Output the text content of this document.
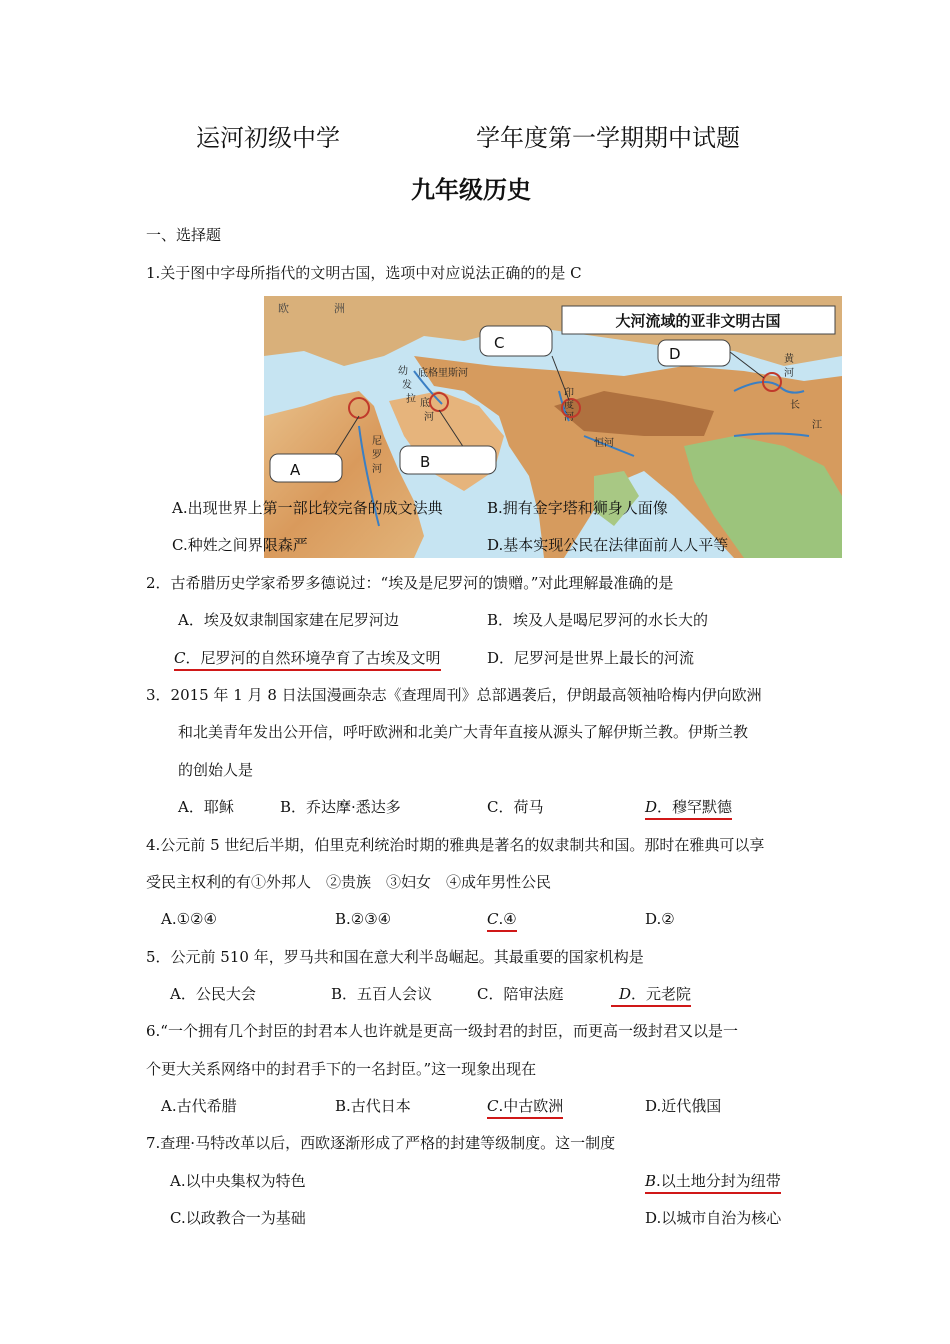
运河初级中学	学年度第一学期期中试题
九年级历史
一、选择题
1.关于图中字母所指代的文明古国，选项中对应说法正确的的是 C
大河流域的亚非文明古国
欧	洲
尼
罗
河
幼
发
拉
底格里斯河
底
河
印
度
河
恒河
黄
河
长
江
A	B
C
D
A.出现世界上第一部比较完备的成文法典	B.拥有金字塔和狮身人面像
C.种姓之间界限森严	D.基本实现公民在法律面前人人平等
2．古希腊历史学家希罗多德说过：“埃及是尼罗河的馈赠。”对此理解最准确的是
A．埃及奴隶制国家建在尼罗河边	B．埃及人是喝尼罗河的水长大的
C．尼罗河的自然环境孕育了古埃及文明	D．尼罗河是世界上最长的河流
3．2015 年 1 月 8 日法国漫画杂志《查理周刊》总部遇袭后，伊朗最高领袖哈梅内伊向欧洲
和北美青年发出公开信，呼吁欧洲和北美广大青年直接从源头了解伊斯兰教。伊斯兰教
的创始人是
A．耶稣	B．乔达摩·悉达多	C．荷马	D．穆罕默德
4.公元前 5 世纪后半期，伯里克利统治时期的雅典是著名的奴隶制共和国。那时在雅典可以享
受民主权利的有①外邦人　②贵族　③妇女　④成年男性公民
A.①②④	B.②③④	C.④	D.②
5．公元前 510 年，罗马共和国在意大利半岛崛起。其最重要的国家机构是
A．公民大会	B．五百人会议	C．陪审法庭	D．元老院
6.“一个拥有几个封臣的封君本人也许就是更高一级封君的封臣，而更高一级封君又以是一
个更大关系网络中的封君手下的一名封臣。”这一现象出现在
A.古代希腊	B.古代日本	C.中古欧洲	D.近代俄国
7.查理·马特改革以后，西欧逐渐形成了严格的封建等级制度。这一制度
A.以中央集权为特色	B.以土地分封为纽带
C.以政教合一为基础	D.以城市自治为核心
